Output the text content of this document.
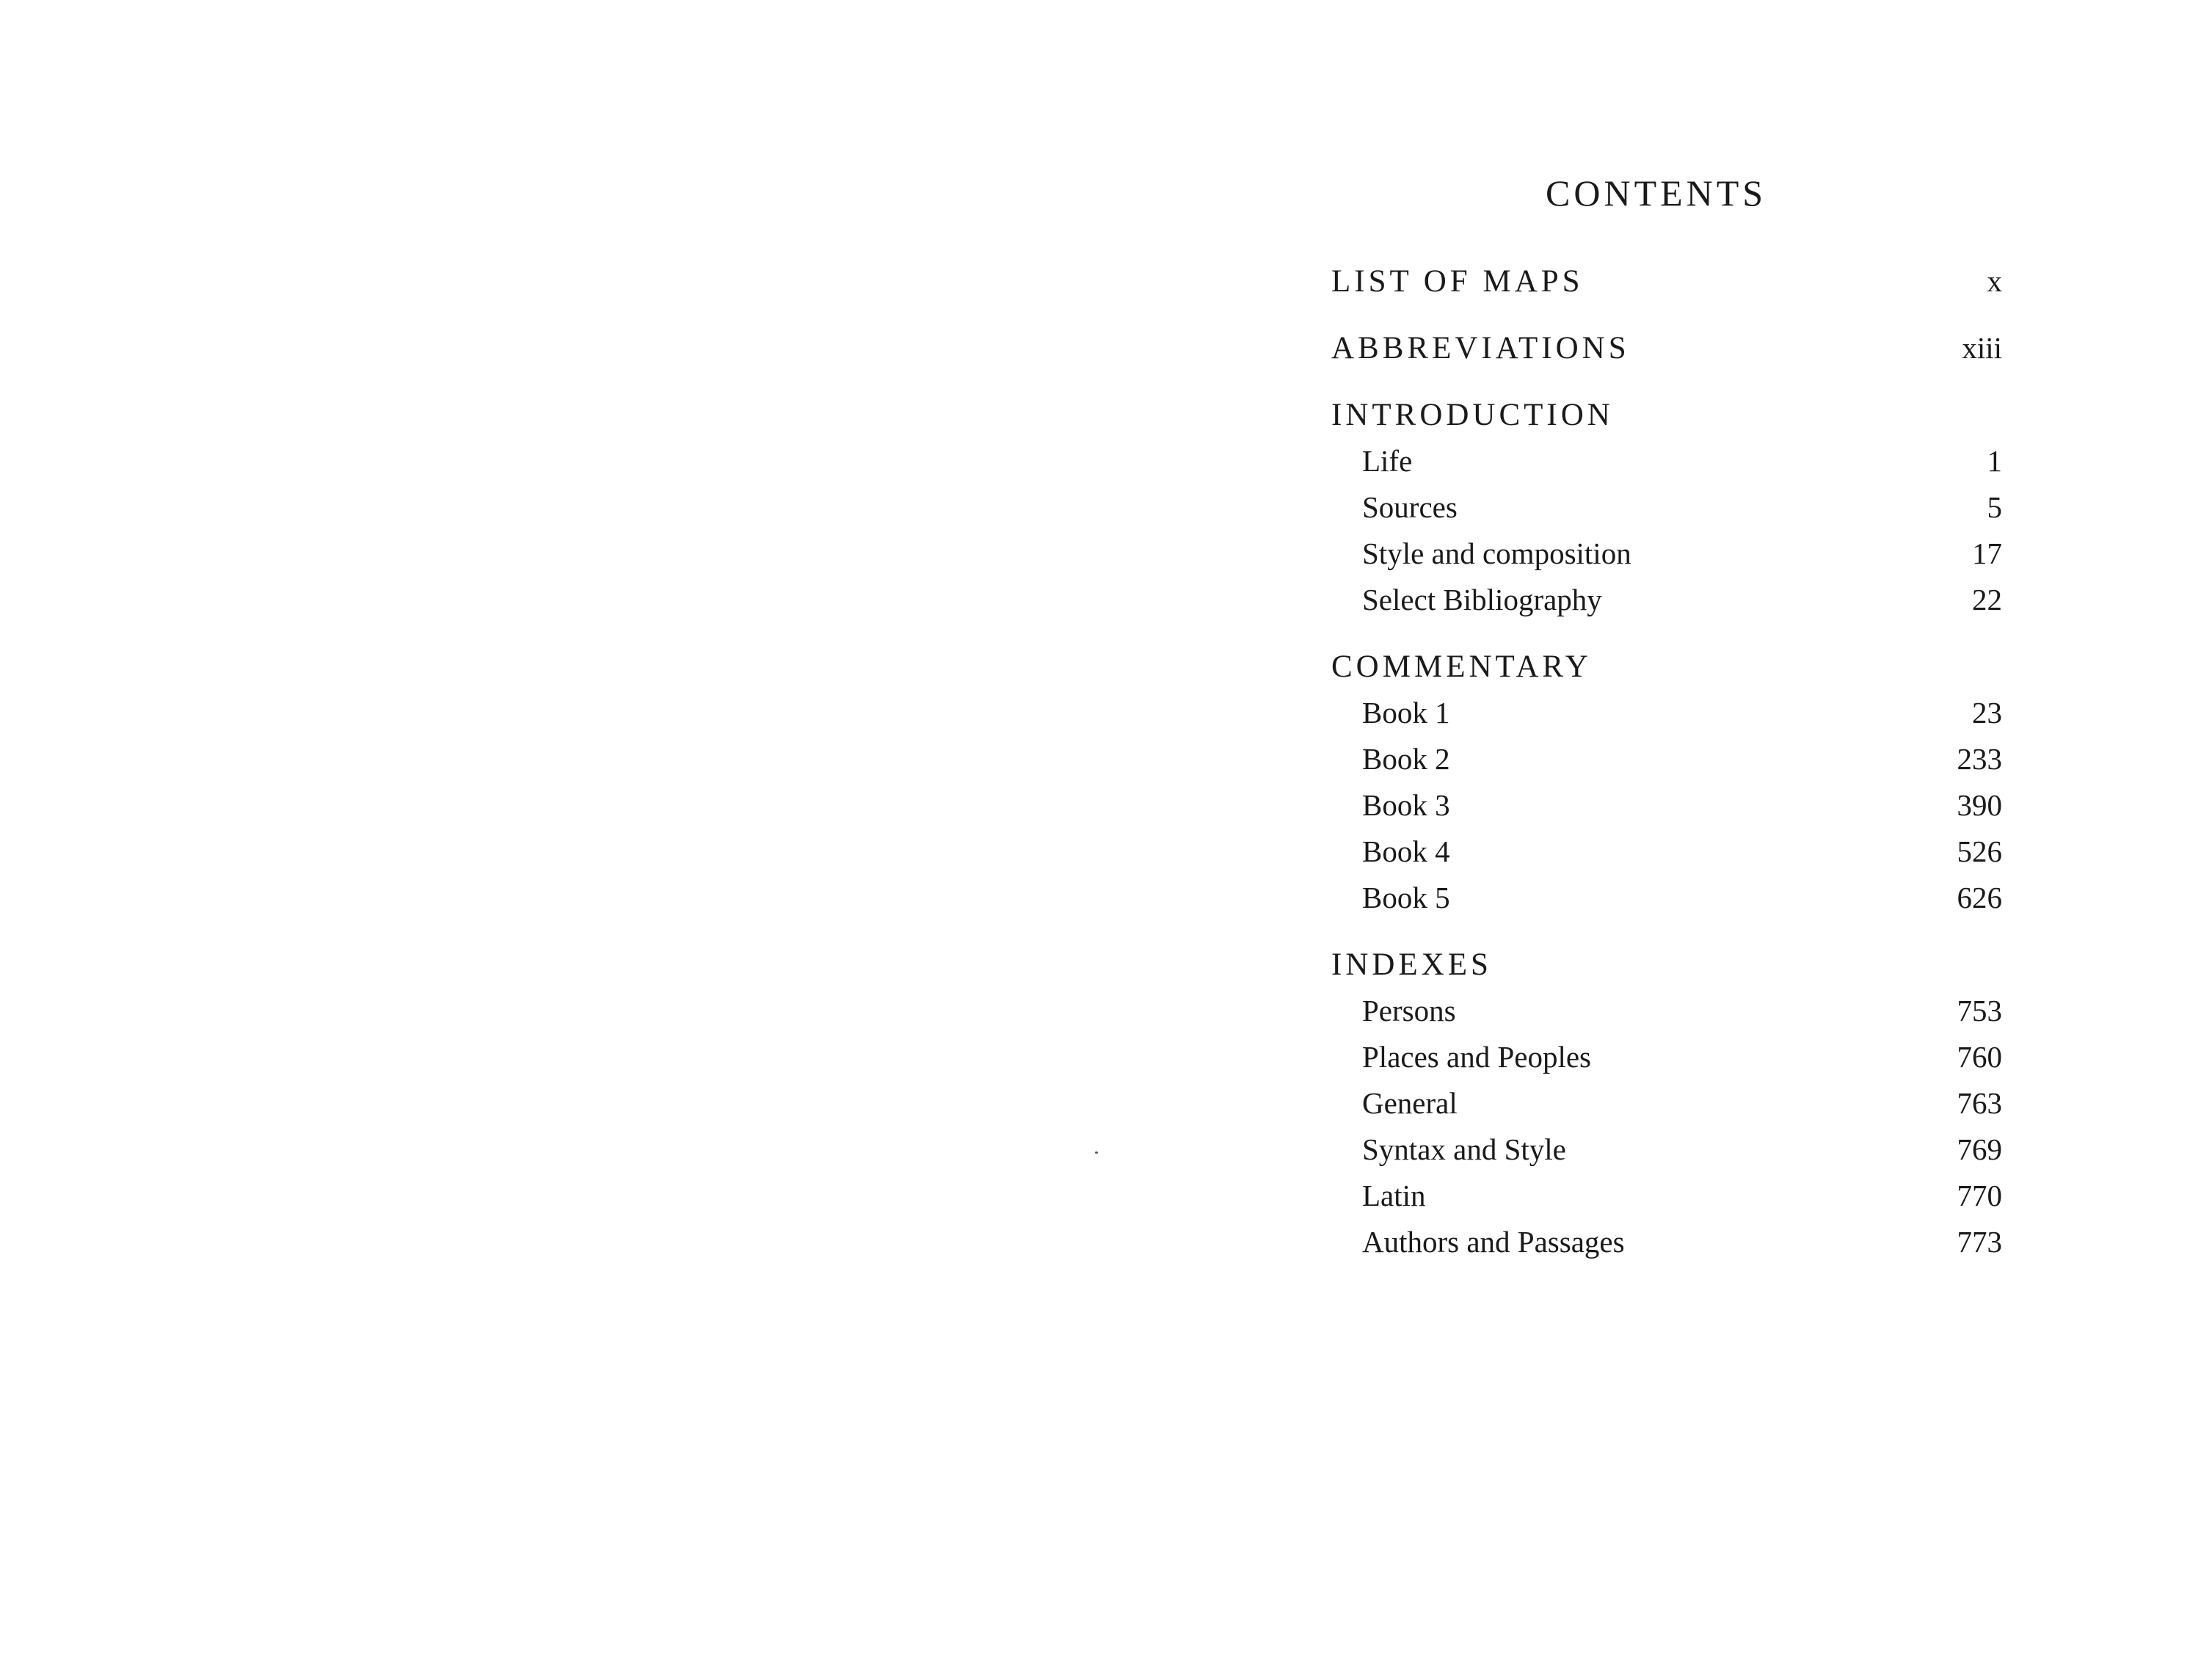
CONTENTS
LIST OF MAPS	x
ABBREVIATIONS	xiii
INTRODUCTION
Life	1
Sources	5
Style and composition	17
Select Bibliography	22
COMMENTARY
Book 1	23
Book 2	233
Book 3	390
Book 4	526
Book 5	626
INDEXES
Persons	753
Places and Peoples	760
General	763
Syntax and Style	769
Latin	770
Authors and Passages	773
